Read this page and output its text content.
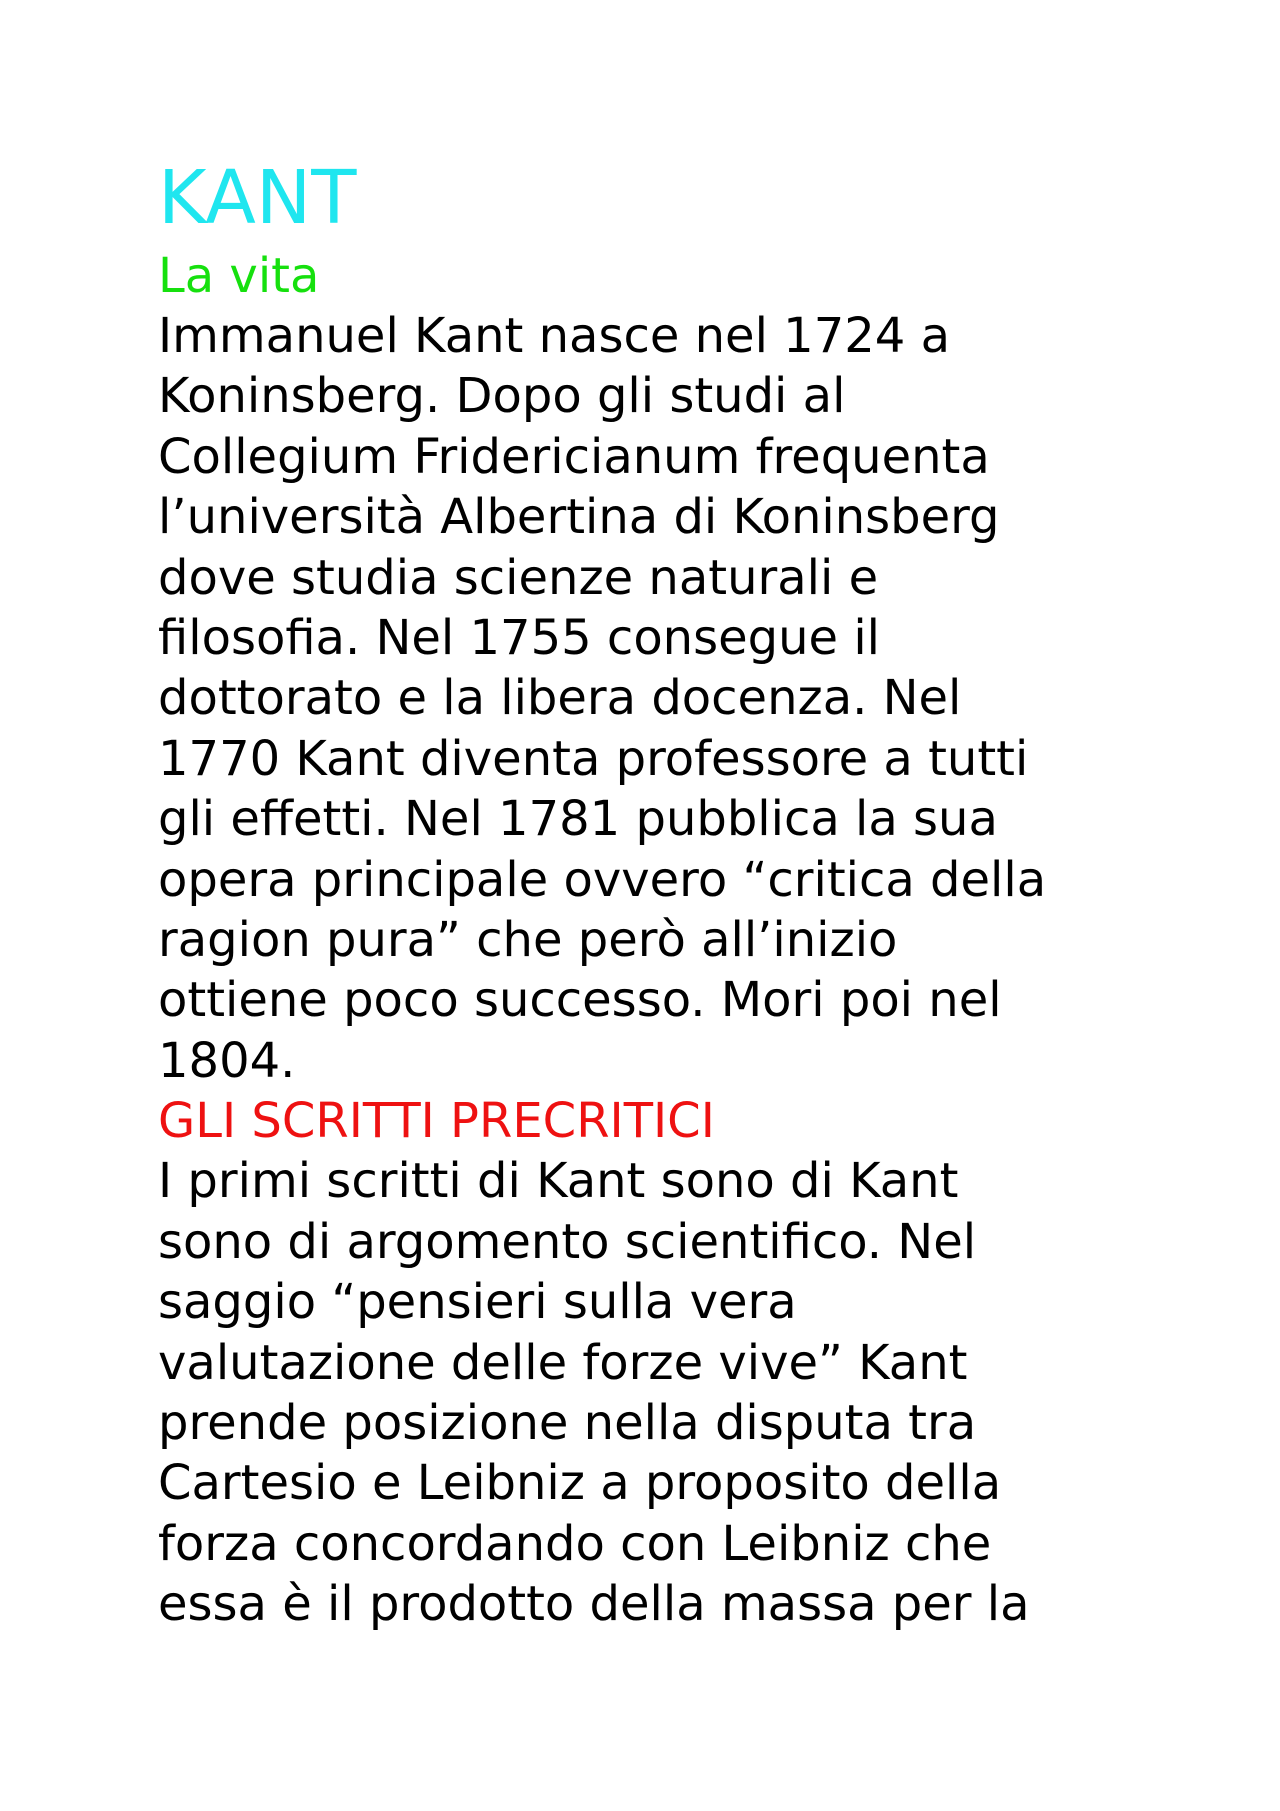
KANT
La vita

Immanuel Kant nasce nel 1724 a
Koninsberg. Dopo gli studi al
Collegium Fridericianum frequenta
l’università Albertina di Koninsberg
dove studia scienze naturali e
filosofia. Nel 1755 consegue il
dottorato e la libera docenza. Nel
1770 Kant diventa professore a tutti
gli effetti. Nel 1781 pubblica la sua
opera principale ovvero “critica della
ragion pura” che però all’inizio
ottiene poco successo. Mori poi nel
1804.

GLI SCRITTI PRECRITICI

I primi scritti di Kant sono di Kant
sono di argomento scientifico. Nel
saggio “pensieri sulla vera
valutazione delle forze vive” Kant
prende posizione nella disputa tra
Cartesio e Leibniz a proposito della
forza concordando con Leibniz che
essa è il prodotto della massa per la
